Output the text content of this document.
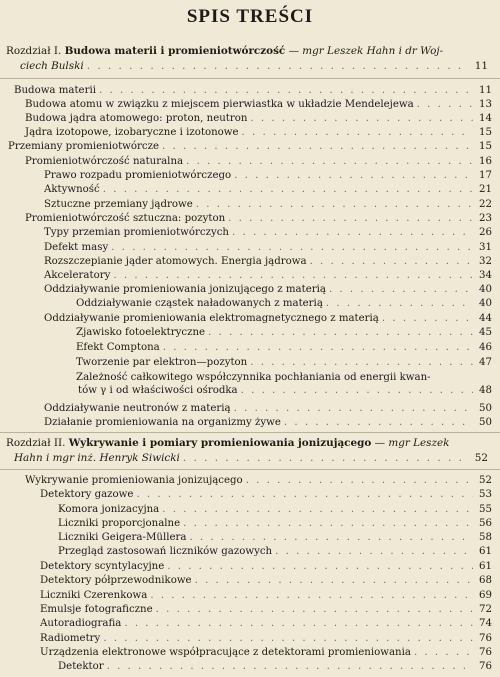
SPIS TREŚCI
Rozdział I. Budowa materii i promieniotwórczość — mgr Leszek Hahn i dr Woj-
ciech Bulski . . .	11
Budowa materii . . .	11
Budowa atomu w związku z miejscem pierwiastka w układzie Mendelejewa . . .	13
Budowa jądra atomowego: proton, neutron . . .	14
Jądra izotopowe, izobaryczne i izotonowe . . .	15
Przemiany promieniotwórcze . . .	15
Promieniotwórczość naturalna . . .	16
Prawo rozpadu promieniotwórczego . . .	17
Aktywność . . .	21
Sztuczne przemiany jądrowe . . .	22
Promieniotwórczość sztuczna: pozyton . . .	23
Typy przemian promieniotwórczych . . .	26
Defekt masy . . .	31
Rozszczepianie jąder atomowych. Energia jądrowa . . .	32
Akceleratory . . .	34
Oddziaływanie promieniowania jonizującego z materią . . .	40
Oddziaływanie cząstek naładowanych z materią . . .	40
Oddziaływanie promieniowania elektromagnetycznego z materią . . .	44
Zjawisko fotoelektryczne . . .	45
Efekt Comptona . . .	46
Tworzenie par elektron—pozyton . . .	47
Zależność całkowitego współczynnika pochłaniania od energii kwan-
tów γ i od właściwości ośrodka . . .	48
Oddziaływanie neutronów z materią . . .	50
Działanie promieniowania na organizmy żywe . . .	50
Rozdział II. Wykrywanie i pomiary promieniowania jonizującego — mgr Leszek
Hahn i mgr inż. Henryk Siwicki . . .	52
Wykrywanie promieniowania jonizującego . . .	52
Detektory gazowe . . .	53
Komora jonizacyjna . . .	55
Liczniki proporcjonalne . . .	56
Liczniki Geigera-Müllera . . .	58
Przegląd zastosowań liczników gazowych . . .	61
Detektory scyntylacyjne . . .	61
Detektory półprzewodnikowe . . .	68
Liczniki Czerenkowa . . .	69
Emulsje fotograficzne . . .	72
Autoradiografia . . .	74
Radiometry . . .	76
Urządzenia elektronowe współpracujące z detektorami promieniowania . . .	76
Detektor . . .	76
